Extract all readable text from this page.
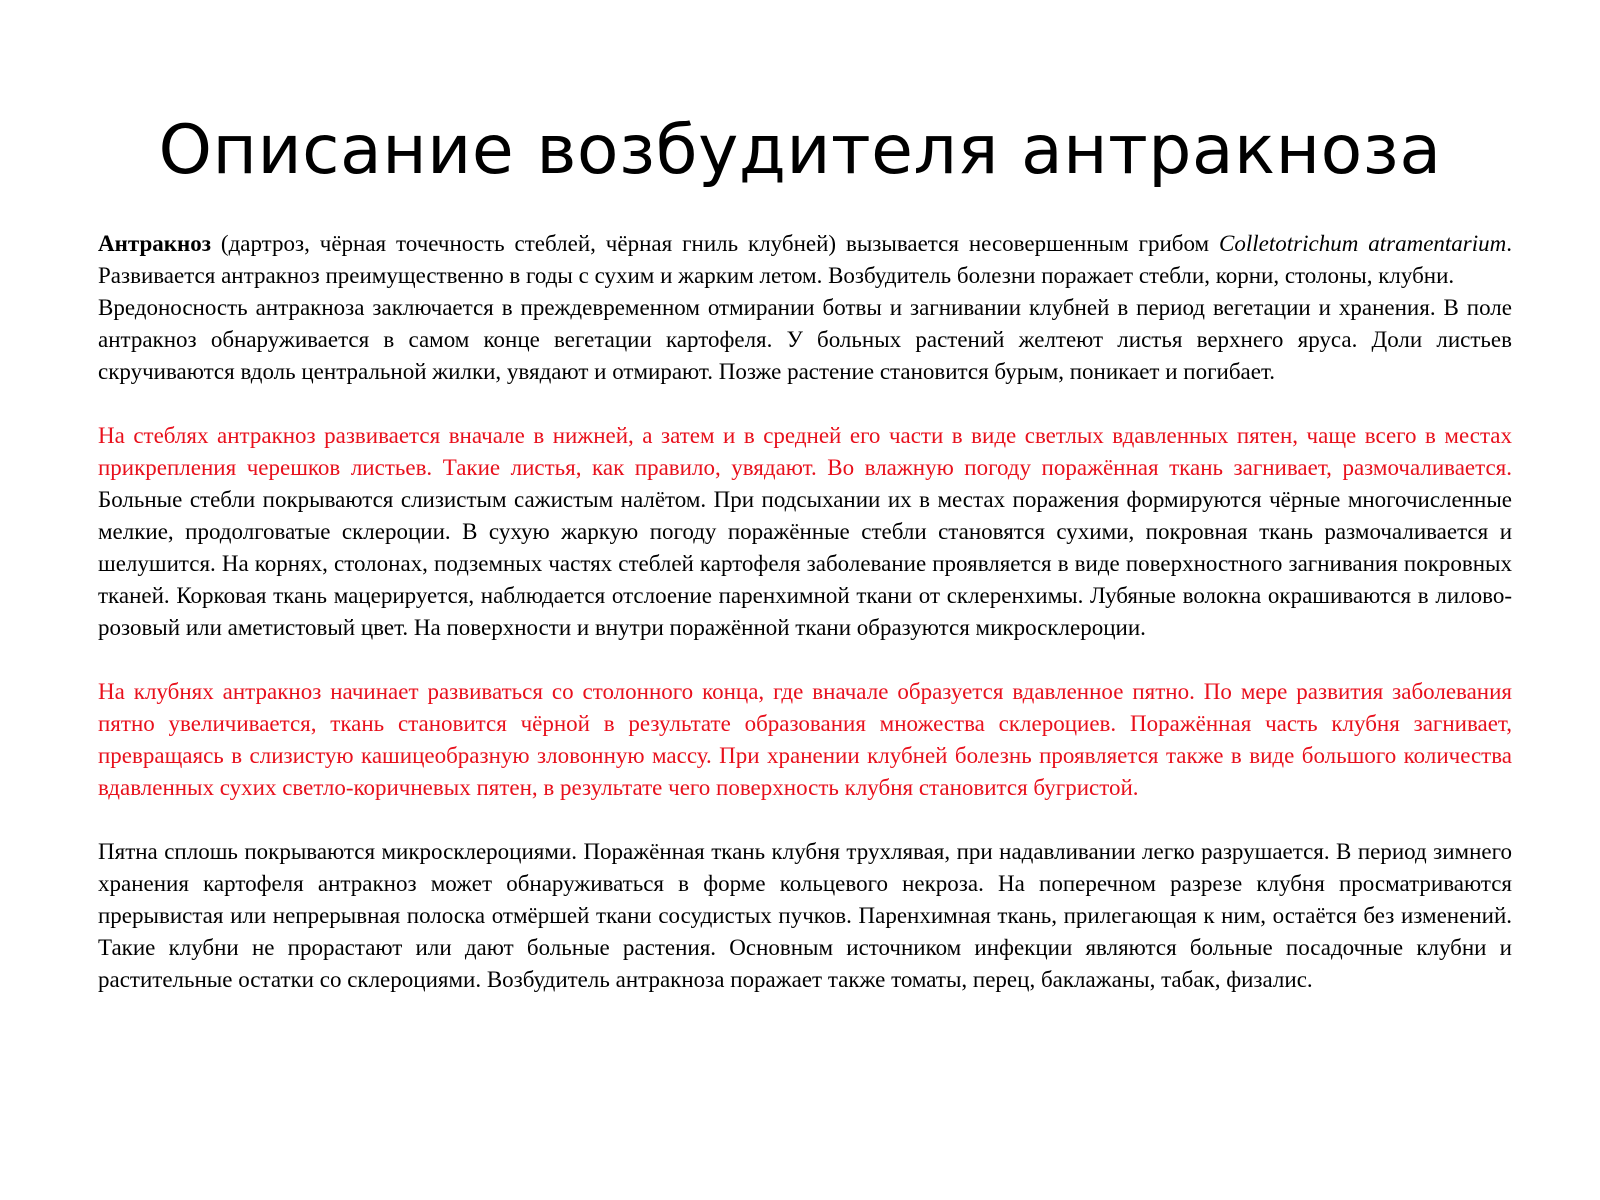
Описание возбудителя антракноза

Антракноз (дартроз, чёрная точечность стеблей, чёрная гниль клубней) вызывается несовершенным грибом Colletotrichum atramentarium. Развивается антракноз преимущественно в годы с сухим и жарким летом. Возбудитель болезни поражает стебли, корни, столоны, клубни.

Вредоносность антракноза заключается в преждевременном отмирании ботвы и загнивании клубней в период вегетации и хранения. В поле антракноз обнаруживается в самом конце вегетации картофеля. У больных растений желтеют листья верхнего яруса. Доли листьев скручиваются вдоль центральной жилки, увядают и отмирают. Позже растение становится бурым, поникает и погибает.

На стеблях антракноз развивается вначале в нижней, а затем и в средней его части в виде светлых вдавленных пятен, чаще всего в местах прикрепления черешков листьев. Такие листья, как правило, увядают. Во влажную погоду поражённая ткань загнивает, размочаливается. Больные стебли покрываются слизистым сажистым налётом. При подсыхании их в местах поражения формируются чёрные многочисленные мелкие, продолговатые склероции. В сухую жаркую погоду поражённые стебли становятся сухими, покровная ткань размочаливается и шелушится. На корнях, столонах, подземных частях стеблей картофеля заболевание проявляется в виде поверхностного загнивания покровных тканей. Корковая ткань мацерируется, наблюдается отслоение паренхимной ткани от склеренхимы. Лубяные волокна окрашиваются в лилово-розовый или аметистовый цвет. На поверхности и внутри поражённой ткани образуются микросклероции.

На клубнях антракноз начинает развиваться со столонного конца, где вначале образуется вдавленное пятно. По мере развития заболевания пятно увеличивается, ткань становится чёрной в результате образования множества склероциев. Поражённая часть клубня загнивает, превращаясь в слизистую кашицеобразную зловонную массу. При хранении клубней болезнь проявляется также в виде большого количества вдавленных сухих светло-коричневых пятен, в результате чего поверхность клубня становится бугристой.

Пятна сплошь покрываются микросклероциями. Поражённая ткань клубня трухлявая, при надавливании легко разрушается. В период зимнего хранения картофеля антракноз может обнаруживаться в форме кольцевого некроза. На поперечном разрезе клубня просматриваются прерывистая или непрерывная полоска отмёршей ткани сосудистых пучков. Паренхимная ткань, прилегающая к ним, остаётся без изменений. Такие клубни не прорастают или дают больные растения. Основным источником инфекции являются больные посадочные клубни и растительные остатки со склероциями. Возбудитель антракноза поражает также томаты, перец, баклажаны, табак, физалис.
